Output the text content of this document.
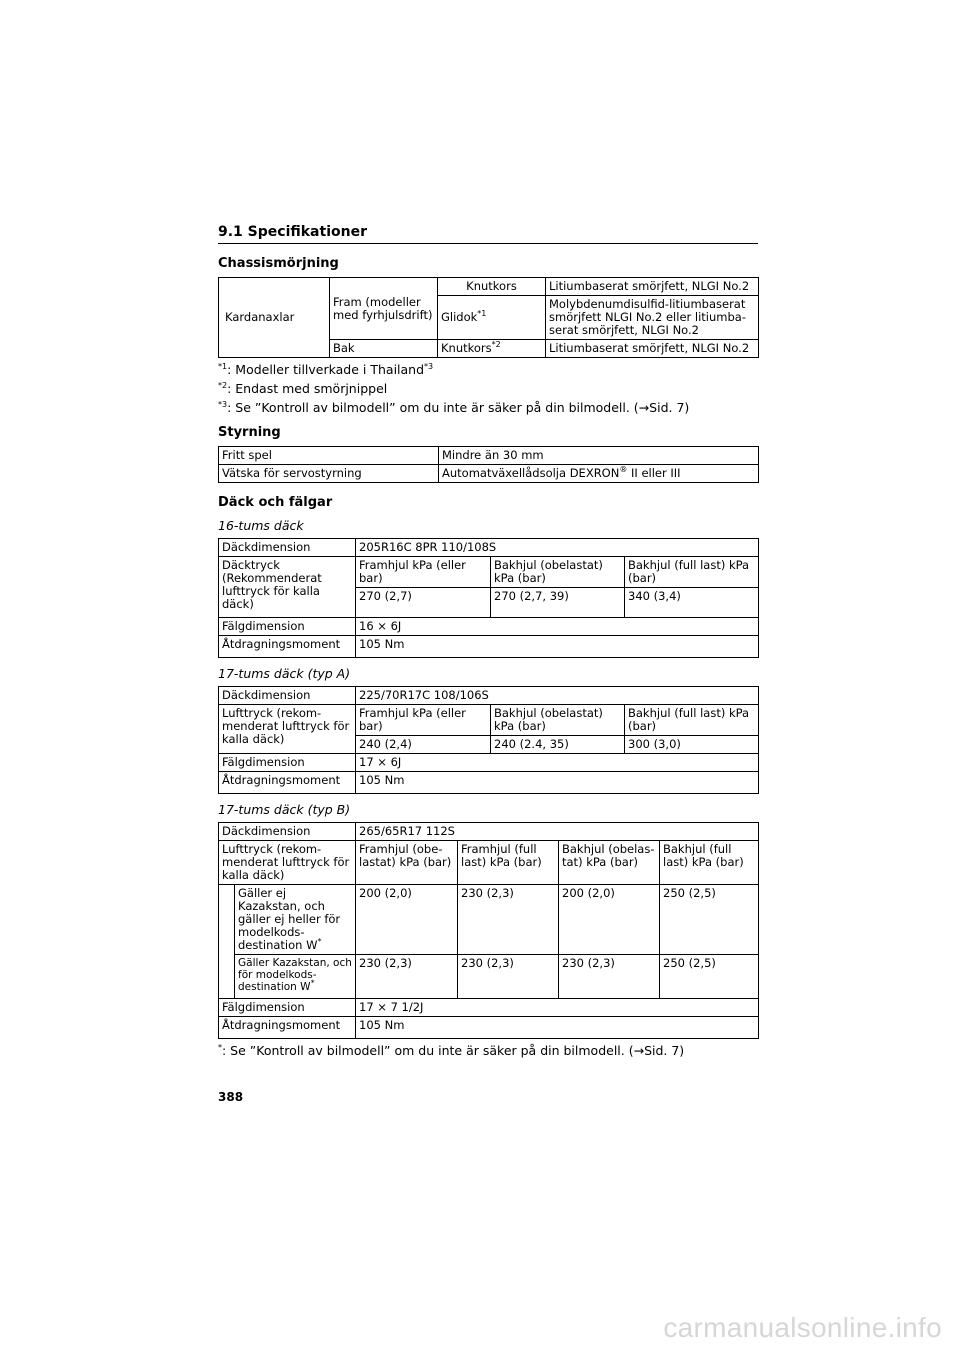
9.1 Specifikationer
Chassismörjning
Kardanaxlar	Fram (modeller med fyrhjulsdrift)	Knutkors	Litiumbaserat smörjfett, NLGI No.2
		Glidok$^{*1}$	Molybdenumdisulfid-litiumbaserat smörjfett NLGI No.2 eller litiumba-serat smörjfett, NLGI No.2
	Bak	Knutkors$^{*2}$	Litiumbaserat smörjfett, NLGI No.2
$^{*1}$: Modeller tillverkade i Thailand$^{*3}$
$^{*2}$: Endast med smörjnippel
$^{*3}$: Se ”Kontroll av bilmodell” om du inte är säker på din bilmodell. (→Sid. 7)
Styrning
Fritt spel	Mindre än 30 mm
Vätska för servostyrning	Automatväxellådsolja DEXRON® II eller III
Däck och fälgar
16-tums däck
Däckdimension	205R16C 8PR 110/108S		
Däcktryck (Rekommenderat lufttryck för kalla däck)	Framhjul kPa (eller bar)	Bakhjul (obelastat) kPa (bar)	Bakhjul (full last) kPa (bar)
	270 (2,7)	270 (2,7, 39)	340 (3,4)
Fälgdimension	16 × 6J		
Åtdragningsmoment	105 Nm		
17-tums däck (typ A)
Däckdimension	225/70R17C 108/106S		
Lufttryck (rekom-menderat lufttryck för kalla däck)	Framhjul kPa (eller bar)	Bakhjul (obelastat) kPa (bar)	Bakhjul (full last) kPa (bar)
	240 (2,4)	240 (2.4, 35)	300 (3,0)
Fälgdimension	17 × 6J		
Åtdragningsmoment	105 Nm		
17-tums däck (typ B)
Däckdimension		265/65R17 112S			
Lufttryck (rekom-menderat lufttryck för kalla däck)		Framhjul (obe-lastat) kPa (bar)	Framhjul (full last) kPa (bar)	Bakhjul (obelas-tat) kPa (bar)	Bakhjul (full last) kPa (bar)
	Gäller ej Kazakstan, och gäller ej heller för modelkods-destination W*	200 (2,0)	230 (2,3)	200 (2,0)	250 (2,5)
	Gäller Kazakstan, och för modelkods-destination W*	230 (2,3)	230 (2,3)	230 (2,3)	250 (2,5)
Fälgdimension		17 × 7 1/2J			
Åtdragningsmoment		105 Nm			
*: Se ”Kontroll av bilmodell” om du inte är säker på din bilmodell. (→Sid. 7)
388
carmanualsonline.info
